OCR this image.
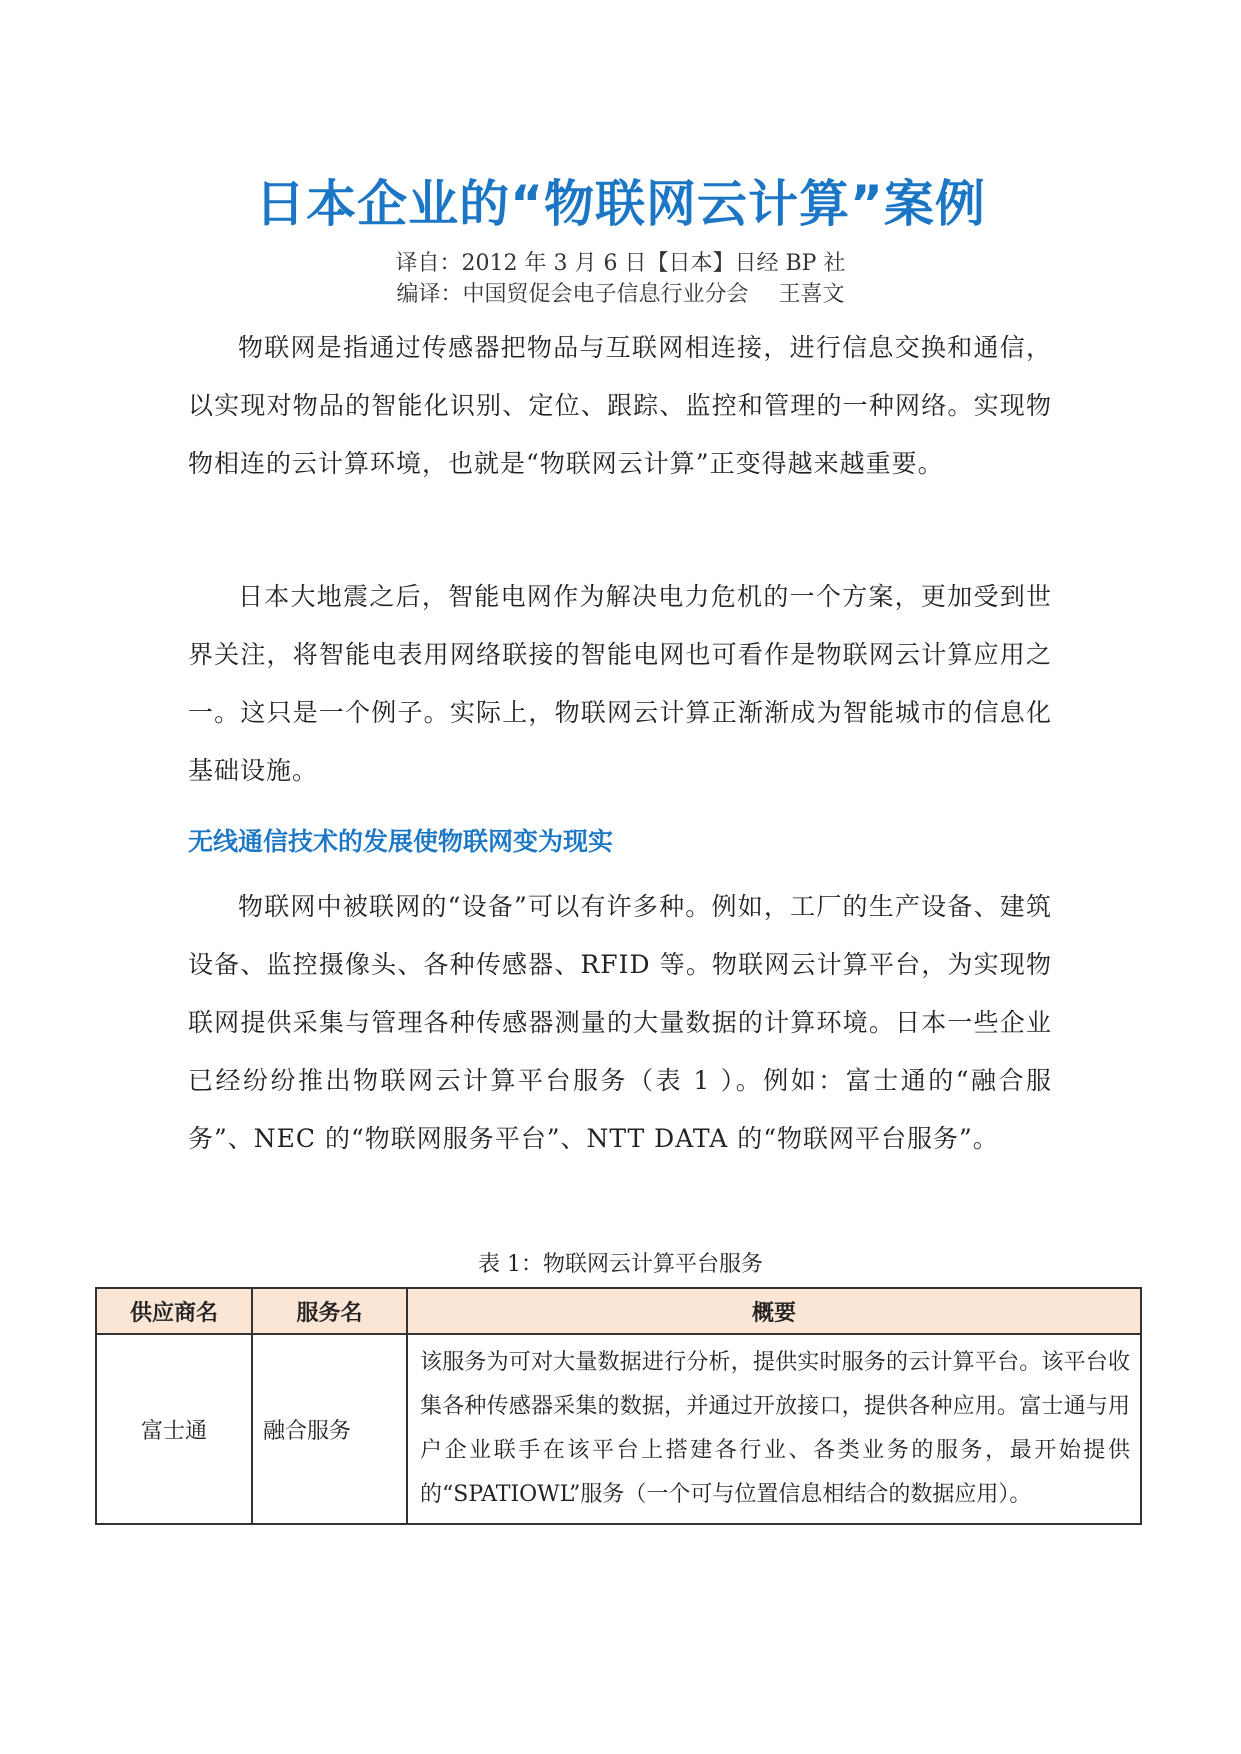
日本企业的“物联网云计算”案例

译自：2012 年 3 月 6 日【日本】日经 BP 社

编译：中国贸促会电子信息行业分会 王喜文

物联网是指通过传感器把物品与互联网相连接，进行信息交换和通信，以实现对物品的智能化识别、定位、跟踪、监控和管理的一种网络。实现物物相连的云计算环境，也就是“物联网云计算”正变得越来越重要。

日本大地震之后，智能电网作为解决电力危机的一个方案，更加受到世界关注，将智能电表用网络联接的智能电网也可看作是物联网云计算应用之一。这只是一个例子。实际上，物联网云计算正渐渐成为智能城市的信息化基础设施。

无线通信技术的发展使物联网变为现实

物联网中被联网的“设备”可以有许多种。例如，工厂的生产设备、建筑设备、监控摄像头、各种传感器、RFID 等。物联网云计算平台，为实现物联网提供采集与管理各种传感器测量的大量数据的计算环境。日本一些企业已经纷纷推出物联网云计算平台服务（表 1 ）。例如：富士通的“融合服务”、NEC 的“物联网服务平台”、NTT DATA 的“物联网平台服务”。

表 1：物联网云计算平台服务

供应商名	服务名	概要
富士通	融合服务	该服务为可对大量数据进行分析，提供实时服务的云计算平台。该平台收集各种传感器采集的数据，并通过开放接口，提供各种应用。富士通与用户企业联手在该平台上搭建各行业、各类业务的服务，最开始提供的“SPATIOWL”服务（一个可与位置信息相结合的数据应用）。
